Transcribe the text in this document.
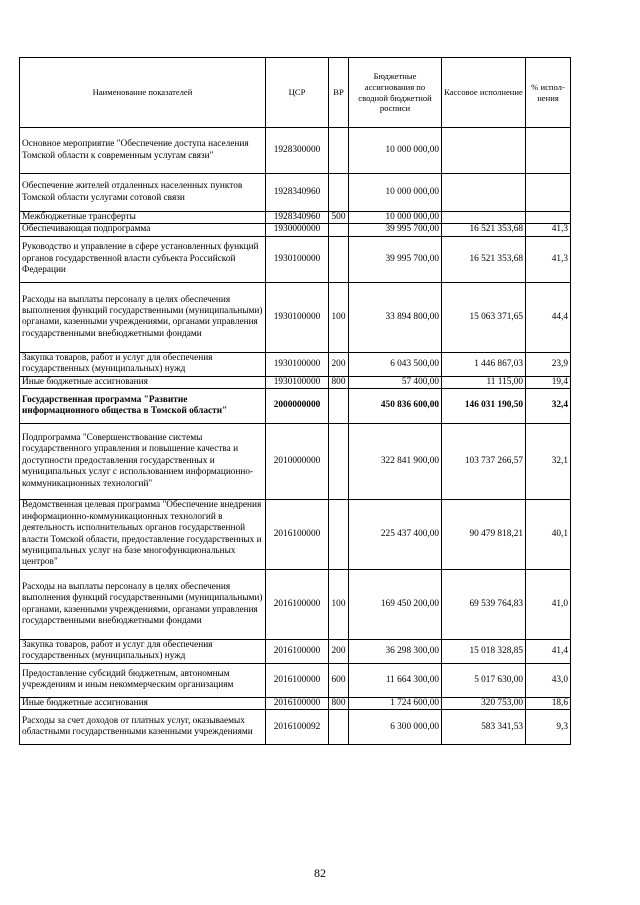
Наименование показателей	ЦСР	ВР	Бюджетные ассигнования по сводной бюджетной росписи	Кассовое исполнение	% испол-нения
Основное мероприятие "Обеспечение доступа населения Томской области к современным услугам связи"	1928300000		10 000 000,00		
Обеспечение жителей отдаленных населенных пунктов Томской области услугами сотовой связи	1928340960		10 000 000,00		
Межбюджетные трансферты	1928340960	500	10 000 000,00		
Обеспечивающая подпрограмма	1930000000		39 995 700,00	16 521 353,68	41,3
Руководство и управление в сфере установленных функций органов государственной власти субъекта Российской Федерации	1930100000		39 995 700,00	16 521 353,68	41,3
Расходы на выплаты персоналу в целях обеспечения выполнения функций государственными (муниципальными) органами, казенными учреждениями, органами управления государственными внебюджетными фондами	1930100000	100	33 894 800,00	15 063 371,65	44,4
Закупка товаров, работ и услуг для обеспечения государственных (муниципальных) нужд	1930100000	200	6 043 500,00	1 446 867,03	23,9
Иные бюджетные ассигнования	1930100000	800	57 400,00	11 115,00	19,4
Государственная программа "Развитие информационного общества в Томской области"	2000000000		450 836 600,00	146 031 190,50	32,4
Подпрограмма "Совершенствование системы государственного управления и повышение качества и доступности предоставления государственных и муниципальных услуг с использованием информационно-коммуникационных технологий"	2010000000		322 841 900,00	103 737 266,57	32,1
Ведомственная целевая программа "Обеспечение внедрения информационно-коммуникационных технологий в деятельность исполнительных органов государственной власти Томской области, предоставление государственных и муниципальных услуг на базе многофункциональных центров"	2016100000		225 437 400,00	90 479 818,21	40,1
Расходы на выплаты персоналу в целях обеспечения выполнения функций государственными (муниципальными) органами, казенными учреждениями, органами управления государственными внебюджетными фондами	2016100000	100	169 450 200,00	69 539 764,83	41,0
Закупка товаров, работ и услуг для обеспечения государственных (муниципальных) нужд	2016100000	200	36 298 300,00	15 018 328,85	41,4
Предоставление субсидий бюджетным, автономным учреждениям и иным некоммерческим организациям	2016100000	600	11 664 300,00	5 017 630,00	43,0
Иные бюджетные ассигнования	2016100000	800	1 724 600,00	320 753,00	18,6
Расходы за счет доходов от платных услуг, оказываемых областными государственными казенными учреждениями	2016100092		6 300 000,00	583 341,53	9,3
82
